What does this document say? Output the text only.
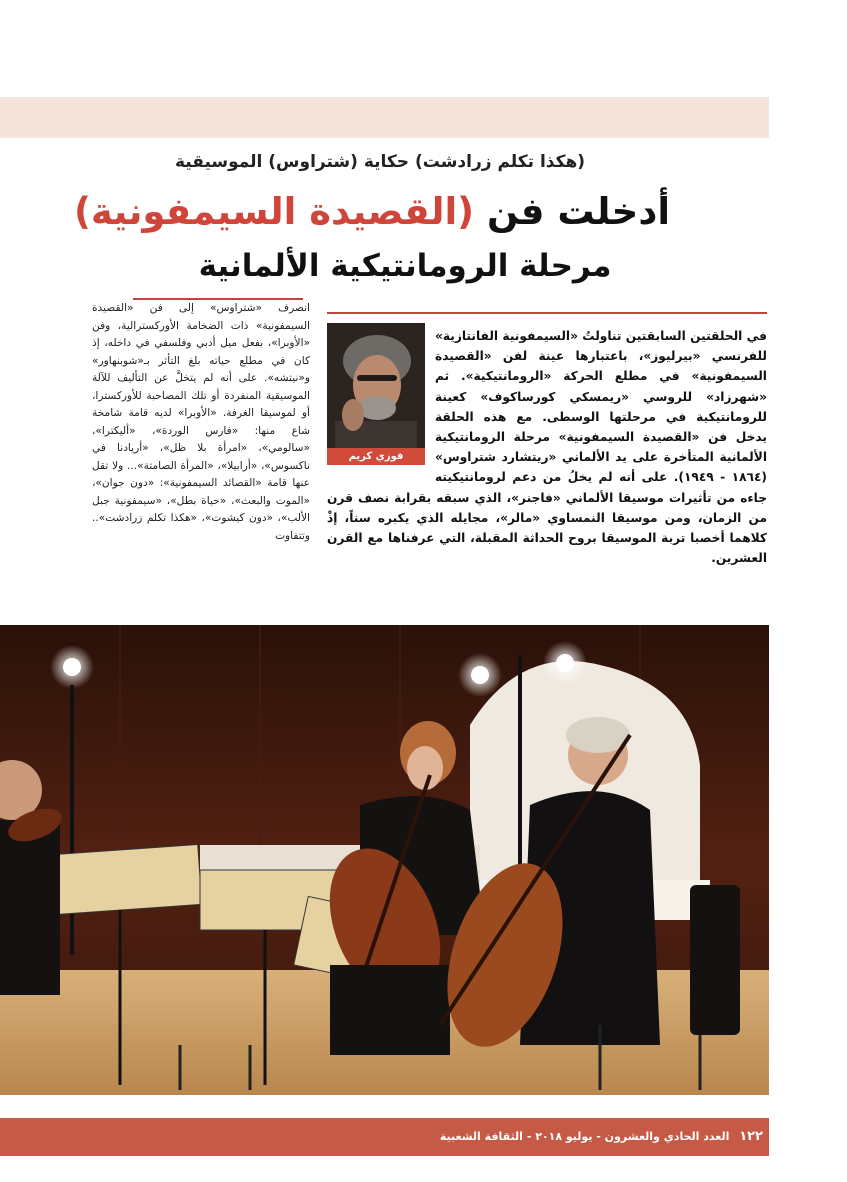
(هكذا تكلم زرادشت) حكاية (شتراوس) الموسيقية
أدخلت فن (القصيدة السيمفونية)
مرحلة الرومانتيكية الألمانية

انصرف «شتراوس» إلى فن «القصيدة السيمفونية» ذات الضخامة الأوركسترالية، وفن «الأوبرا»، بفعل ميل أدبي وفلسفي في داخله، إذ كان في مطلع حياته بلغ التأثر بـ«شوبنهاور» و«نيتشه». على أنه لم يتخلَّ عن التأليف للآلة الموسيقية المنفردة أو تلك المصاحبة للأوركسترا، أو لموسيقا الغرفة. «الأوبرا» لديه قامة شامخة شاع منها: «فارس الوردة»، «أليكترا»، «سالومي»، «امرأة بلا ظل»، «أريادنا في ناكسوس»، «أرابيلا»، «المرأة الصامتة»... ولا تقل عنها قامة «القصائد السيمفونية»: «دون جوان»، «الموت والبعث»، «حياة بطل»، «سيمفونية جبل الألب»، «دون كيشوت»، «هكذا تكلم زرادشت».. وتتفاوت

فوزي كريم

في الحلقتين السابقتين تناولتُ «السيمفونية الفانتازية» للفرنسي «بيرليوز»، باعتبارها عينة لفن «القصيدة السيمفونية» في مطلع الحركة «الرومانتيكية». ثم «شهرزاد» للروسي «ريمسكي كورساكوف» كعينة للرومانتيكية في مرحلتها الوسطى. مع هذه الحلقة يدخل فن «القصيدة السيمفونية» مرحلة الرومانتيكية الألمانية المتأخرة على يد الألماني «ريتشارد شتراوس» (١٨٦٤ - ١٩٤٩). على أنه لم يخلُ من دعم لرومانتيكيته جاءه من تأثيرات موسيقا الألماني «فاجنر»، الذي سبقه بقرابة نصف قرن من الزمان، ومن موسيقا النمساوي «مالر»، مجايله الذي يكبره سناً، إذْ كلاهما أخصبا تربة الموسيقا بروح الحداثة المقبلة، التي عرفناها مع القرن العشرين.

١٢٢ العدد الحادي والعشرون - يوليو ٢٠١٨ - الثقافة الشعبية
